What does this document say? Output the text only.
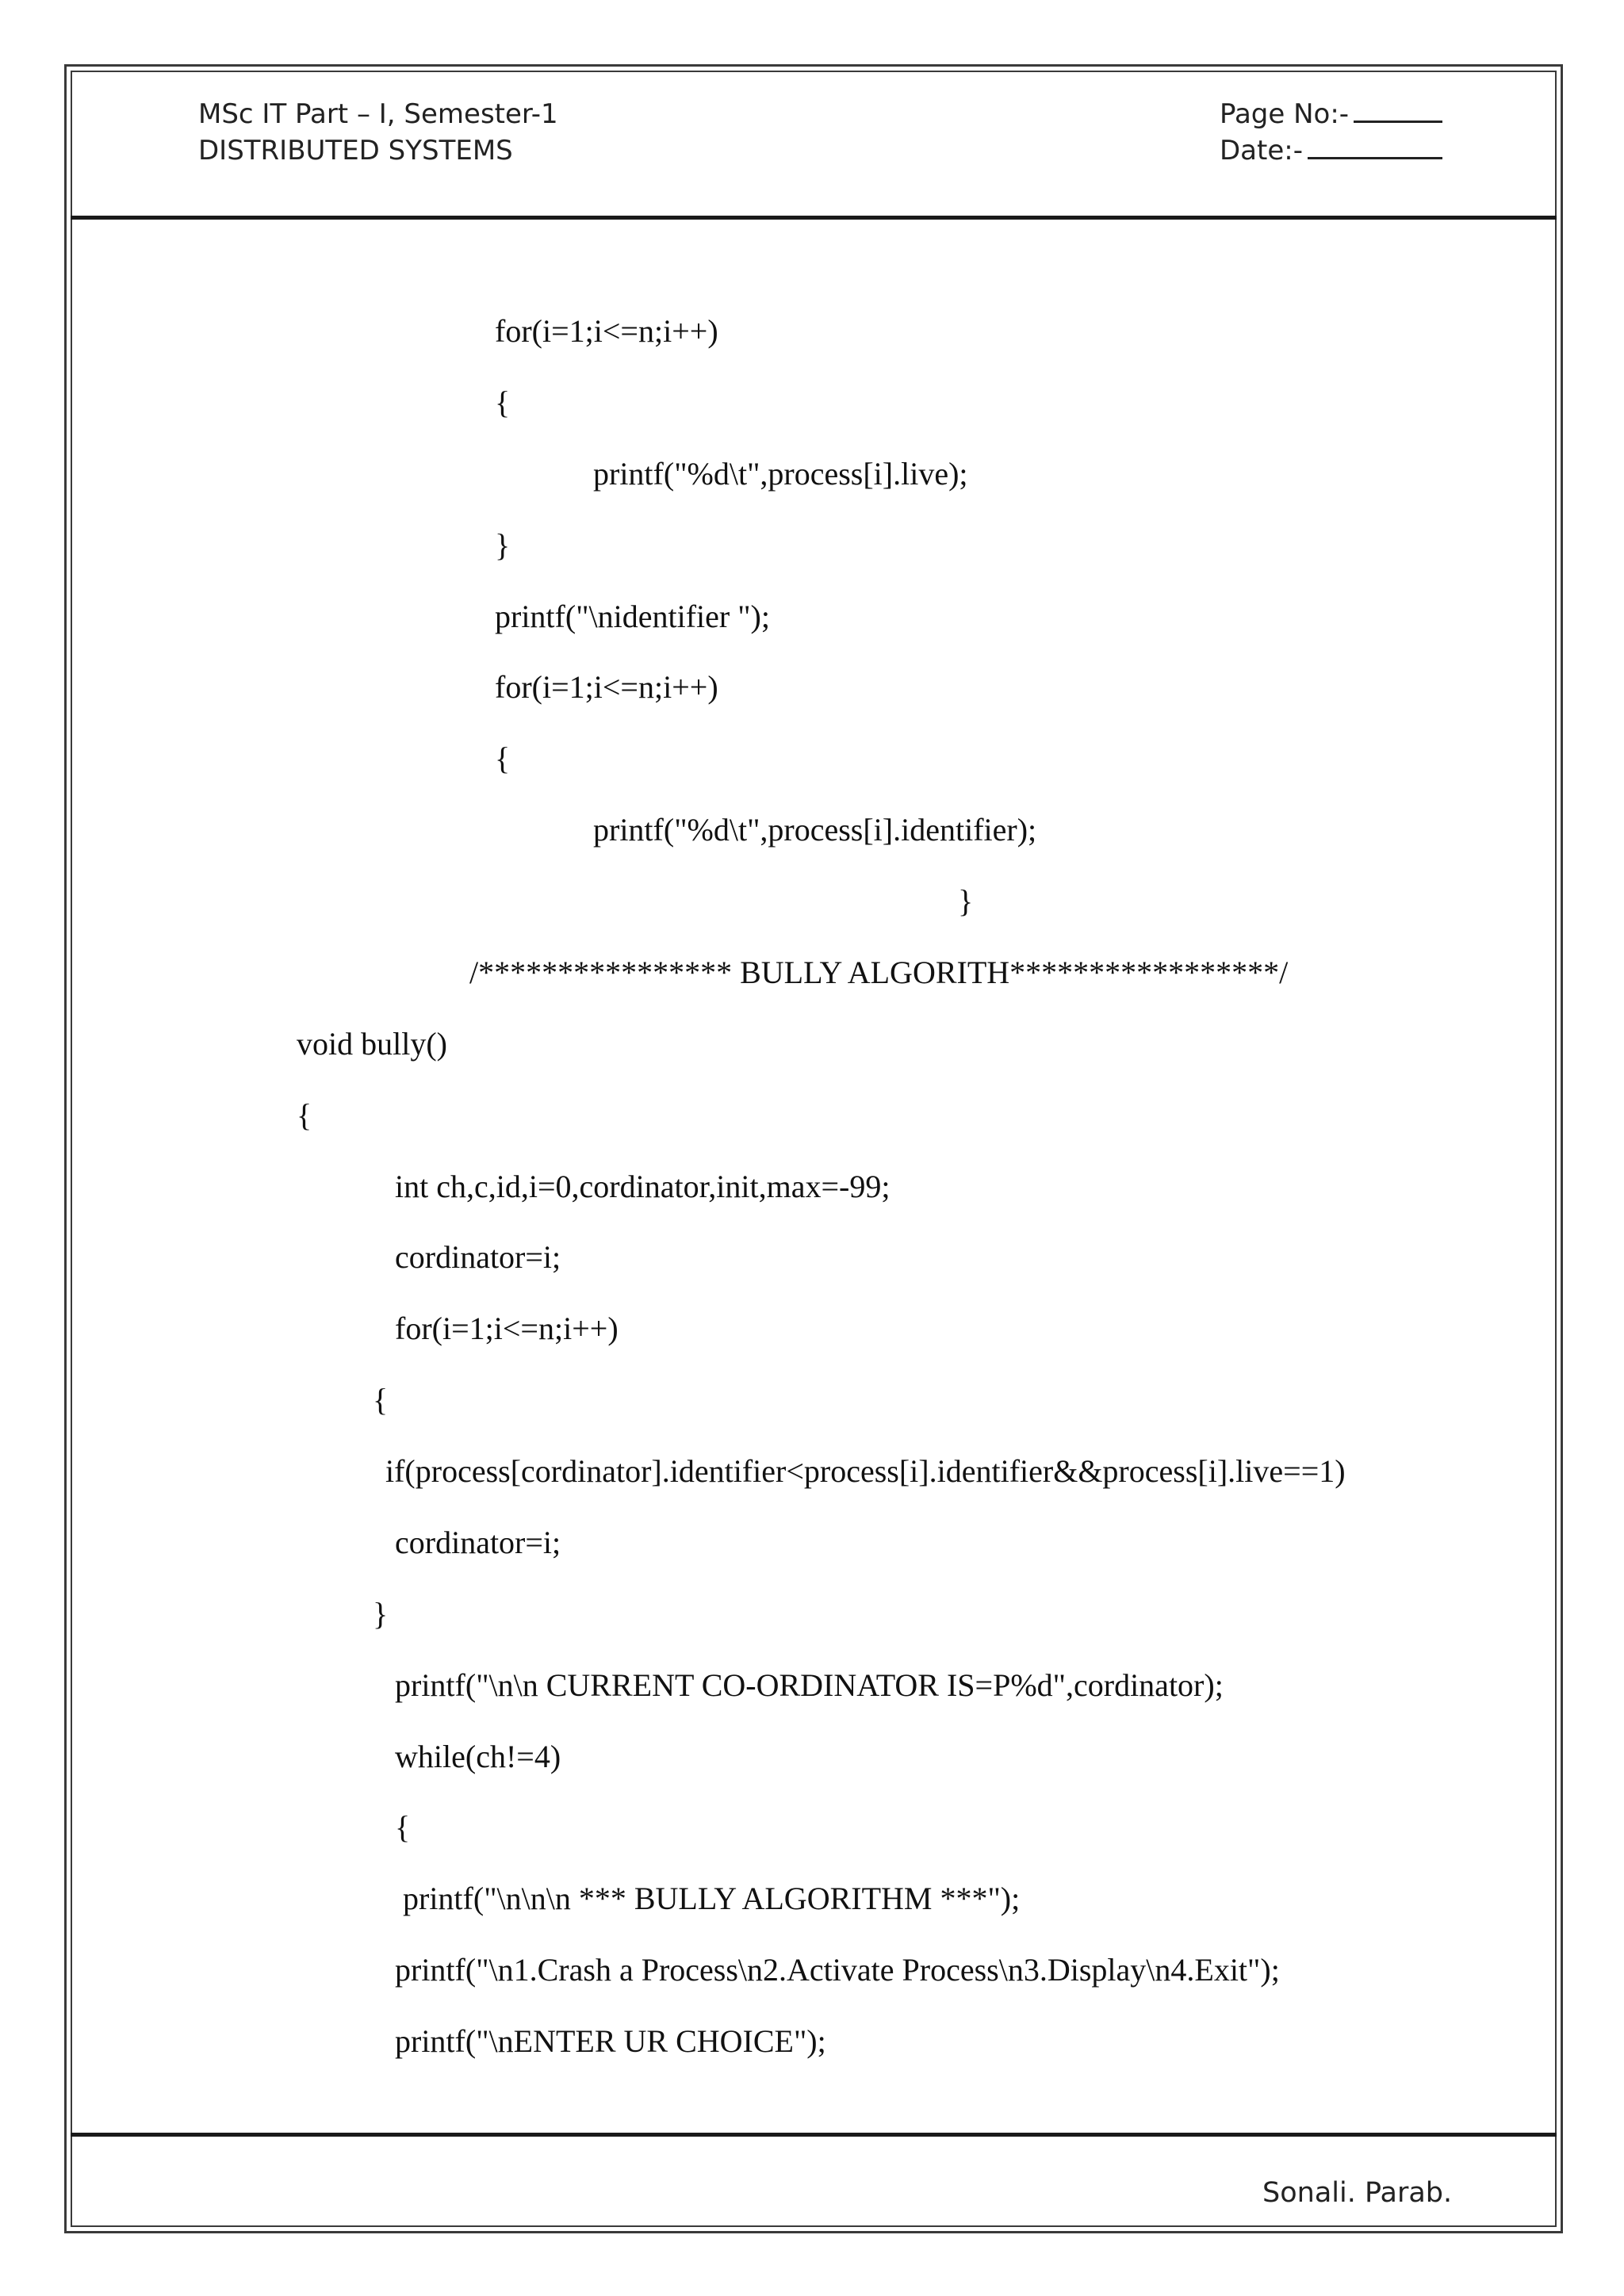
MSc IT Part – I, Semester-1
DISTRIBUTED SYSTEMS
Page No:-
Date:-
for(i=1;i<=n;i++)
{
printf("%d\t",process[i].live);
}
printf("\nidentifier ");
for(i=1;i<=n;i++)
{
printf("%d\t",process[i].identifier);
}
/**************** BULLY ALGORITH*****************/
void bully()
{
int ch,c,id,i=0,cordinator,init,max=-99;
cordinator=i;
for(i=1;i<=n;i++)
{
if(process[cordinator].identifier<process[i].identifier&&process[i].live==1)
cordinator=i;
}
printf("\n\n CURRENT CO-ORDINATOR IS=P%d",cordinator);
while(ch!=4)
{
printf("\n\n\n *** BULLY ALGORITHM ***");
printf("\n1.Crash a Process\n2.Activate Process\n3.Display\n4.Exit");
printf("\nENTER UR CHOICE");
Sonali. Parab.
